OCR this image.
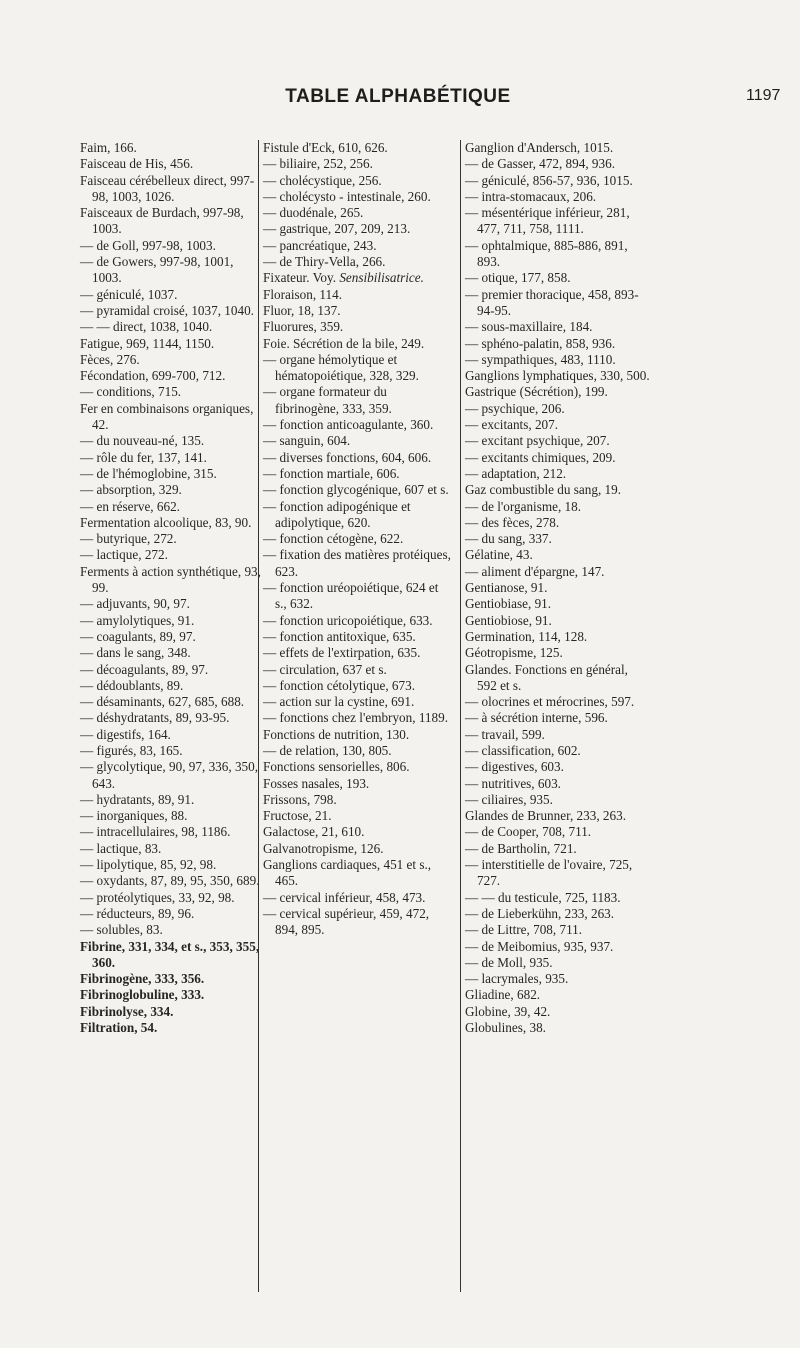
TABLE ALPHABÉTIQUE	1197

Faim, 166.

Faisceau de His, 456.

Faisceau cérébelleux direct, 997-98, 1003, 1026.

Faisceaux de Burdach, 997-98, 1003.

— de Goll, 997-98, 1003.

— de Gowers, 997-98, 1001, 1003.

— géniculé, 1037.

— pyramidal croisé, 1037, 1040.

— — direct, 1038, 1040.

Fatigue, 969, 1144, 1150.

Fèces, 276.

Fécondation, 699-700, 712.

— conditions, 715.

Fer en combinaisons organiques, 42.

— du nouveau-né, 135.

— rôle du fer, 137, 141.

— de l'hémoglobine, 315.

— absorption, 329.

— en réserve, 662.

Fermentation alcoolique, 83, 90.

— butyrique, 272.

— lactique, 272.

Ferments à action synthétique, 93, 99.

— adjuvants, 90, 97.

— amylolytiques, 91.

— coagulants, 89, 97.

— dans le sang, 348.

— décoagulants, 89, 97.

— dédoublants, 89.

— désaminants, 627, 685, 688.

— déshydratants, 89, 93-95.

— digestifs, 164.

— figurés, 83, 165.

— glycolytique, 90, 97, 336, 350, 643.

— hydratants, 89, 91.

— inorganiques, 88.

— intracellulaires, 98, 1186.

— lactique, 83.

— lipolytique, 85, 92, 98.

— oxydants, 87, 89, 95, 350, 689.

— protéolytiques, 33, 92, 98.

— réducteurs, 89, 96.

— solubles, 83.

Fibrine, 331, 334, et s., 353, 355, 360.

Fibrinogène, 333, 356.

Fibrinoglobuline, 333.

Fibrinolyse, 334.

Filtration, 54.

Fistule d'Eck, 610, 626.

— biliaire, 252, 256.

— cholécystique, 256.

— cholécysto - intestinale, 260.

— duodénale, 265.

— gastrique, 207, 209, 213.

— pancréatique, 243.

— de Thiry-Vella, 266.

Fixateur. Voy. Sensibilisatrice.

Floraison, 114.

Fluor, 18, 137.

Fluorures, 359.

Foie. Sécrétion de la bile, 249.

— organe hémolytique et hématopoiétique, 328, 329.

— organe formateur du fibrinogène, 333, 359.

— fonction anticoagulante, 360.

— sanguin, 604.

— diverses fonctions, 604, 606.

— fonction martiale, 606.

— fonction glycogénique, 607 et s.

— fonction adipogénique et adipolytique, 620.

— fonction cétogène, 622.

— fixation des matières protéiques, 623.

— fonction uréopoiétique, 624 et s., 632.

— fonction uricopoiétique, 633.

— fonction antitoxique, 635.

— effets de l'extirpation, 635.

— circulation, 637 et s.

— fonction cétolytique, 673.

— action sur la cystine, 691.

— fonctions chez l'embryon, 1189.

Fonctions de nutrition, 130.

— de relation, 130, 805.

Fonctions sensorielles, 806.

Fosses nasales, 193.

Frissons, 798.

Fructose, 21.

Galactose, 21, 610.

Galvanotropisme, 126.

Ganglions cardiaques, 451 et s., 465.

— cervical inférieur, 458, 473.

— cervical supérieur, 459, 472, 894, 895.

Ganglion d'Andersch, 1015.

— de Gasser, 472, 894, 936.

— géniculé, 856-57, 936, 1015.

— intra-stomacaux, 206.

— mésentérique inférieur, 281, 477, 711, 758, 1111.

— ophtalmique, 885-886, 891, 893.

— otique, 177, 858.

— premier thoracique, 458, 893-94-95.

— sous-maxillaire, 184.

— sphéno-palatin, 858, 936.

— sympathiques, 483, 1110.

Ganglions lymphatiques, 330, 500.

Gastrique (Sécrétion), 199.

— psychique, 206.

— excitants, 207.

— excitant psychique, 207.

— excitants chimiques, 209.

— adaptation, 212.

Gaz combustible du sang, 19.

— de l'organisme, 18.

— des fèces, 278.

— du sang, 337.

Gélatine, 43.

— aliment d'épargne, 147.

Gentianose, 91.

Gentiobiase, 91.

Gentiobiose, 91.

Germination, 114, 128.

Géotropisme, 125.

Glandes. Fonctions en général, 592 et s.

— olocrines et mérocrines, 597.

— à sécrétion interne, 596.

— travail, 599.

— classification, 602.

— digestives, 603.

— nutritives, 603.

— ciliaires, 935.

Glandes de Brunner, 233, 263.

— de Cooper, 708, 711.

— de Bartholin, 721.

— interstitielle de l'ovaire, 725, 727.

— — du testicule, 725, 1183.

— de Lieberkühn, 233, 263.

— de Littre, 708, 711.

— de Meibomius, 935, 937.

— de Moll, 935.

— lacrymales, 935.

Gliadine, 682.

Globine, 39, 42.

Globulines, 38.
